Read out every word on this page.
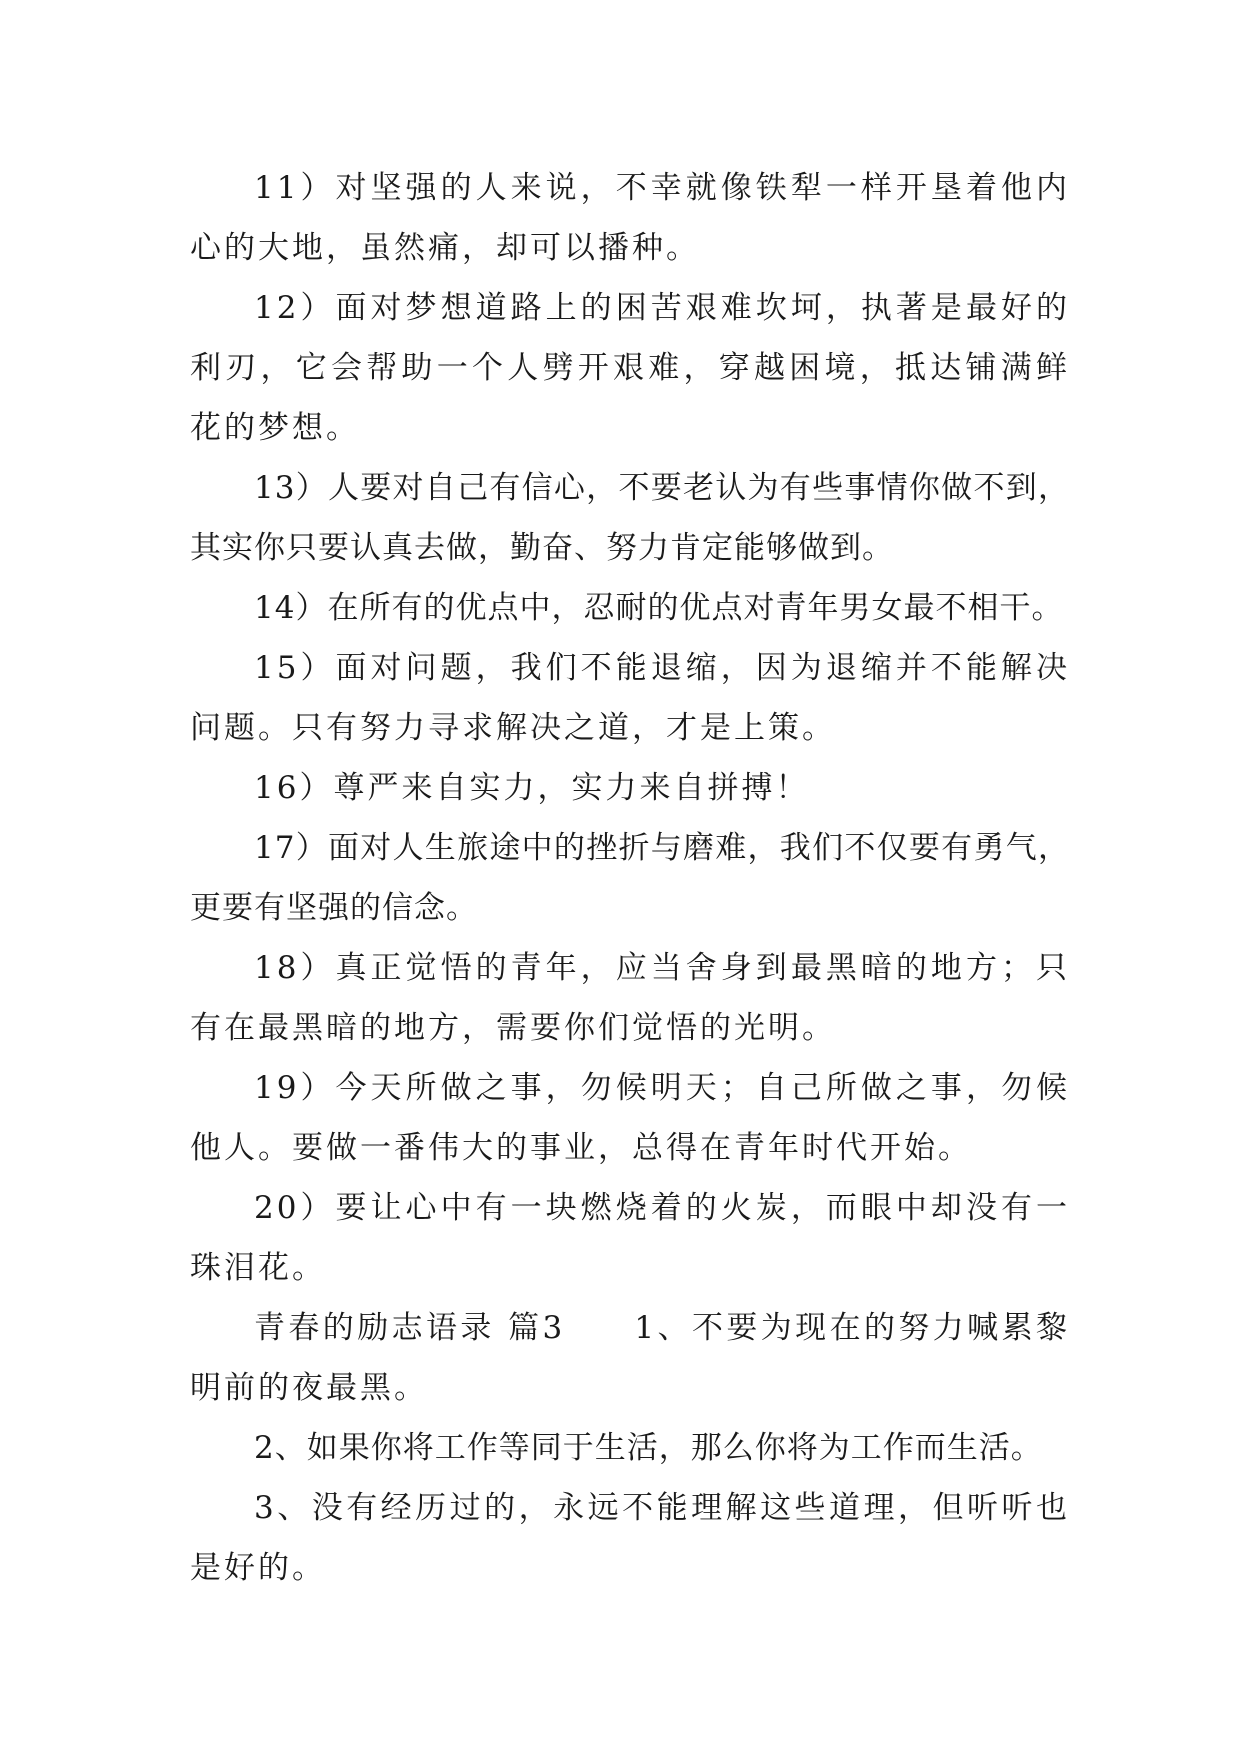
11）对坚强的人来说，不幸就像铁犁一样开垦着他内心的大地，虽然痛，却可以播种。

12）面对梦想道路上的困苦艰难坎坷，执著是最好的利刃，它会帮助一个人劈开艰难，穿越困境，抵达铺满鲜花的梦想。

13）人要对自己有信心，不要老认为有些事情你做不到，其实你只要认真去做，勤奋、努力肯定能够做到。

14）在所有的优点中，忍耐的优点对青年男女最不相干。

15）面对问题，我们不能退缩，因为退缩并不能解决问题。只有努力寻求解决之道，才是上策。

16）尊严来自实力，实力来自拼搏！

17）面对人生旅途中的挫折与磨难，我们不仅要有勇气，更要有坚强的信念。

18）真正觉悟的青年，应当舍身到最黑暗的地方；只有在最黑暗的地方，需要你们觉悟的光明。

19）今天所做之事，勿候明天；自己所做之事，勿候他人。要做一番伟大的事业，总得在青年时代开始。

20）要让心中有一块燃烧着的火炭，而眼中却没有一珠泪花。

青春的励志语录 篇3　　1、不要为现在的努力喊累黎明前的夜最黑。

2、如果你将工作等同于生活，那么你将为工作而生活。

3、没有经历过的，永远不能理解这些道理，但听听也是好的。
